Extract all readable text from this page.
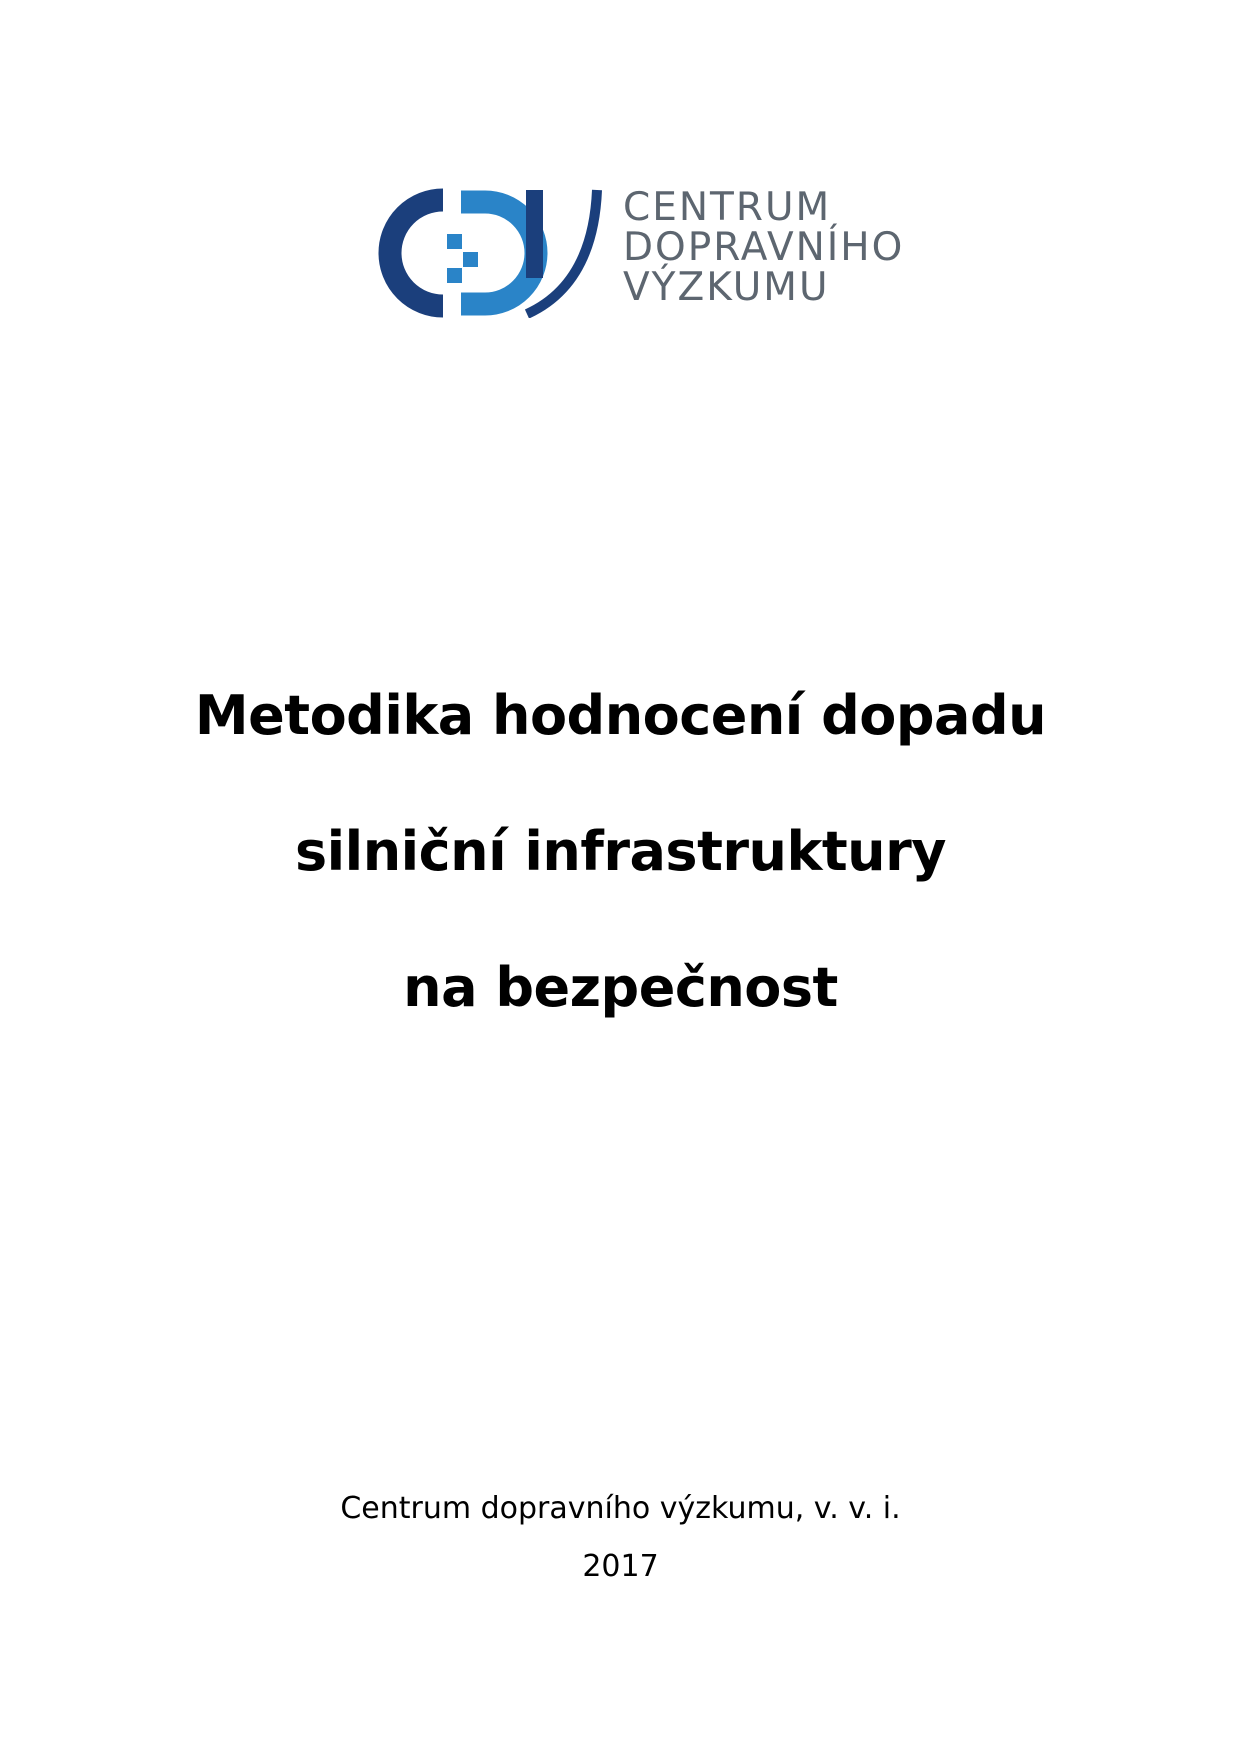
CENTRUM
DOPRAVNÍHO
VÝZKUMU
Metodika hodnocení dopadu
silniční infrastruktury
na bezpečnost
Centrum dopravního výzkumu, v. v. i.
2017
